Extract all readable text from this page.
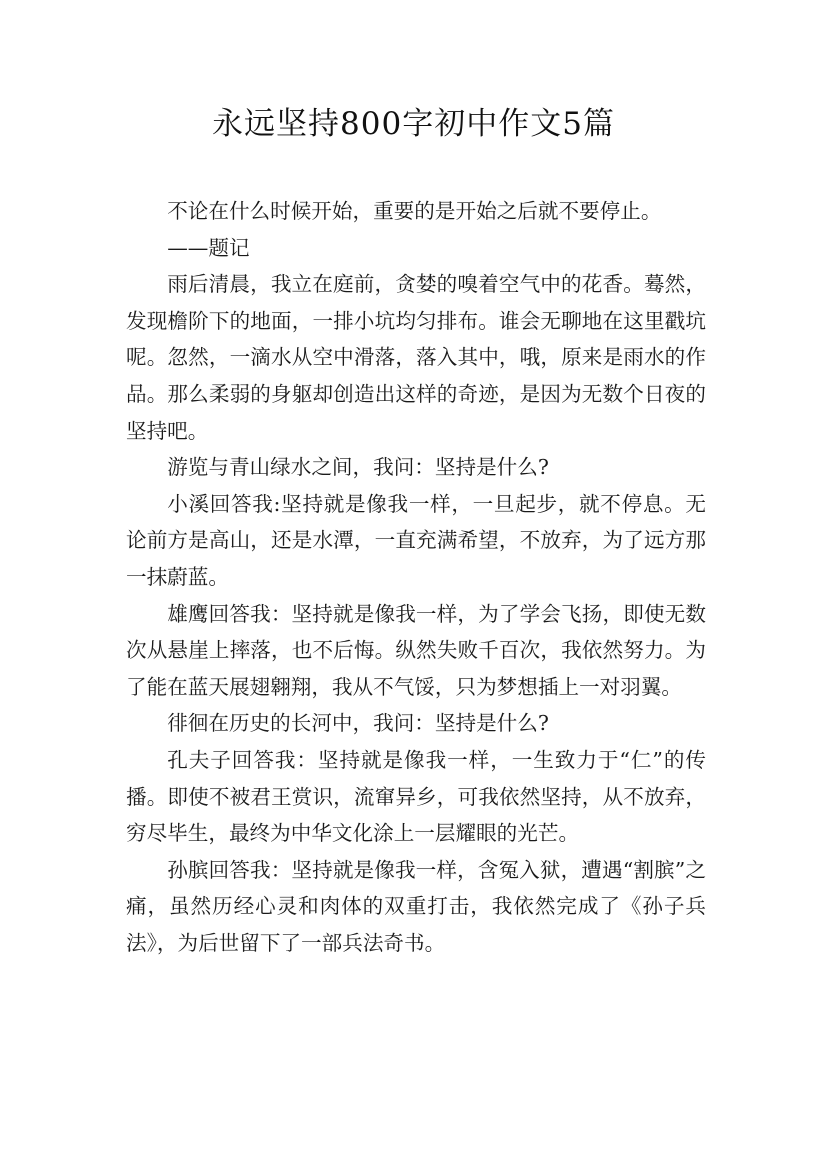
永远坚持800字初中作文5篇

不论在什么时候开始，重要的是开始之后就不要停止。

——题记

雨后清晨，我立在庭前，贪婪的嗅着空气中的花香。蓦然，发现檐阶下的地面，一排小坑均匀排布。谁会无聊地在这里戳坑呢。忽然，一滴水从空中滑落，落入其中，哦，原来是雨水的作品。那么柔弱的身躯却创造出这样的奇迹，是因为无数个日夜的坚持吧。

游览与青山绿水之间，我问：坚持是什么?

小溪回答我:坚持就是像我一样，一旦起步，就不停息。无论前方是高山，还是水潭，一直充满希望，不放弃，为了远方那一抹蔚蓝。

雄鹰回答我：坚持就是像我一样，为了学会飞扬，即使无数次从悬崖上摔落，也不后悔。纵然失败千百次，我依然努力。为了能在蓝天展翅翱翔，我从不气馁，只为梦想插上一对羽翼。

徘徊在历史的长河中，我问：坚持是什么?

孔夫子回答我：坚持就是像我一样，一生致力于“仁”的传播。即使不被君王赏识，流窜异乡，可我依然坚持，从不放弃，穷尽毕生，最终为中华文化涂上一层耀眼的光芒。

孙膑回答我：坚持就是像我一样，含冤入狱，遭遇“割膑”之痛，虽然历经心灵和肉体的双重打击，我依然完成了《孙子兵法》，为后世留下了一部兵法奇书。
